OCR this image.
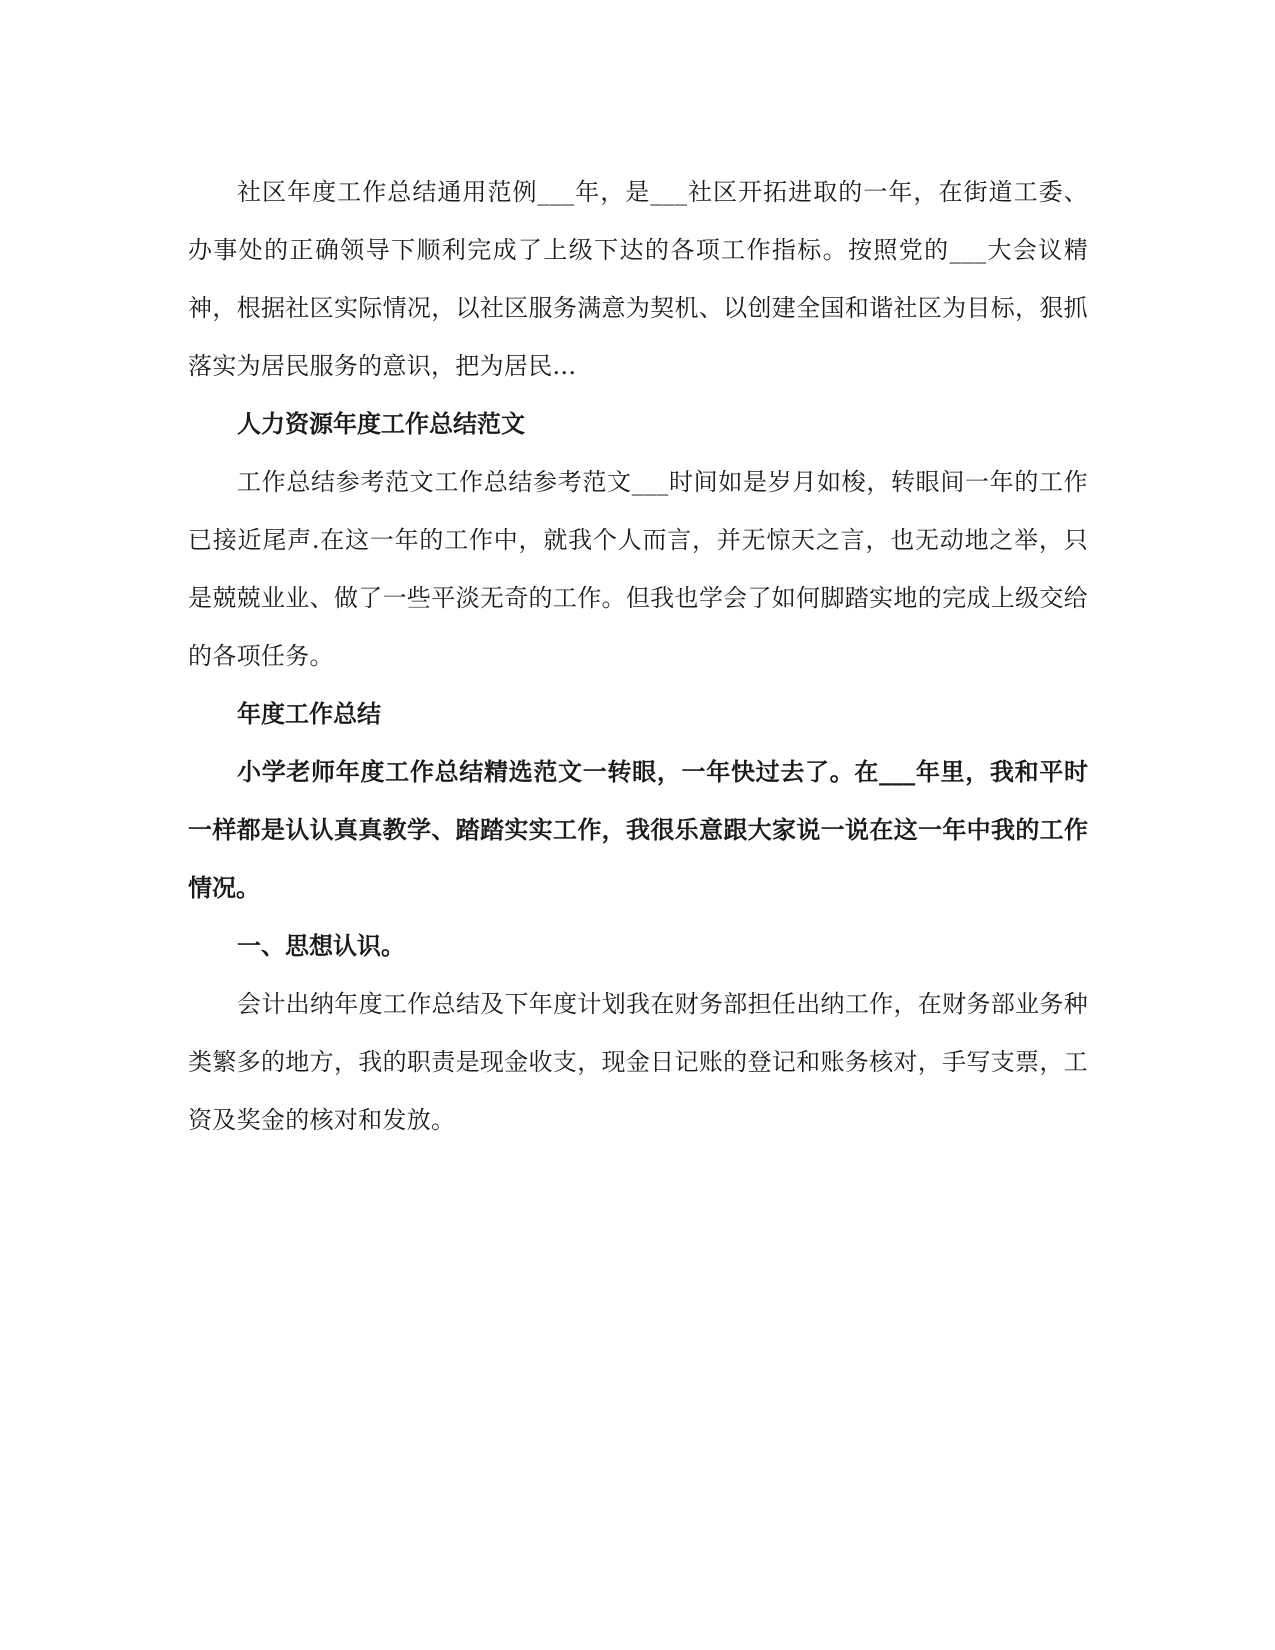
社区年度工作总结通用范例___年，是___社区开拓进取的一年，在街道工委、办事处的正确领导下顺利完成了上级下达的各项工作指标。按照党的___大会议精神，根据社区实际情况，以社区服务满意为契机、以创建全国和谐社区为目标，狠抓落实为居民服务的意识，把为居民...

人力资源年度工作总结范文

工作总结参考范文工作总结参考范文___时间如是岁月如梭，转眼间一年的工作已接近尾声.在这一年的工作中，就我个人而言，并无惊天之言，也无动地之举，只是兢兢业业、做了一些平淡无奇的工作。但我也学会了如何脚踏实地的完成上级交给的各项任务。

年度工作总结

小学老师年度工作总结精选范文一转眼，一年快过去了。在___年里，我和平时一样都是认认真真教学、踏踏实实工作，我很乐意跟大家说一说在这一年中我的工作情况。

一、思想认识。

会计出纳年度工作总结及下年度计划我在财务部担任出纳工作，在财务部业务种类繁多的地方，我的职责是现金收支，现金日记账的登记和账务核对，手写支票，工资及奖金的核对和发放。
